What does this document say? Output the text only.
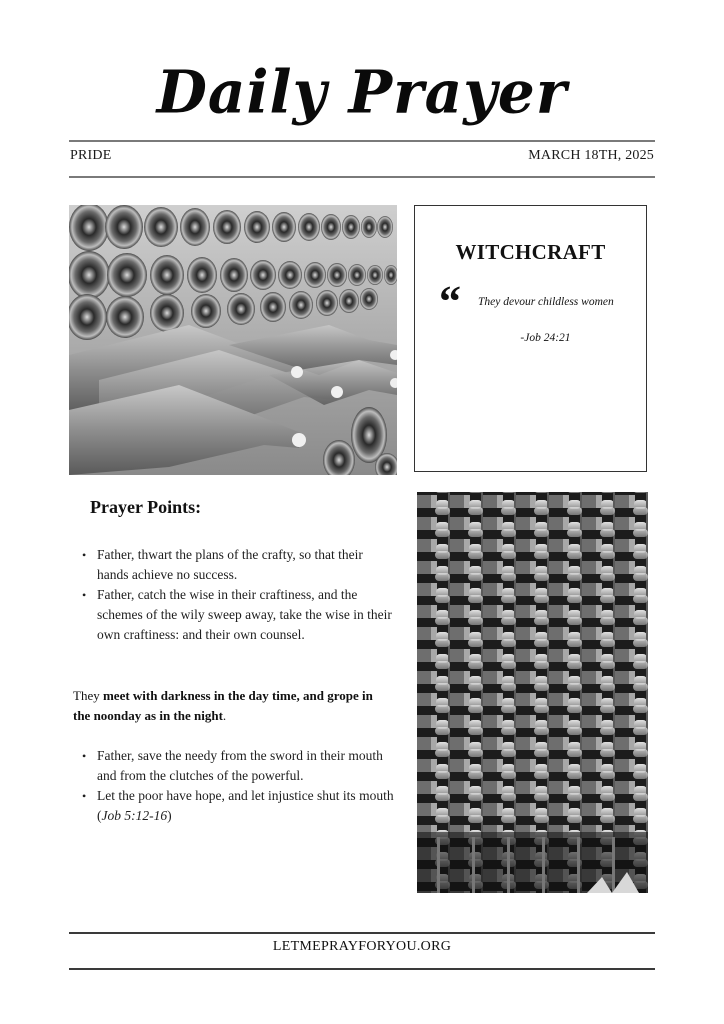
Daily Prayer
PRIDE	MARCH 18TH, 2025
WITCHCRAFT
“ They devour childless women
-Job 24:21
Prayer Points:
• Father, thwart the plans of the crafty, so that their hands achieve no success.
• Father, catch the wise in their craftiness, and the schemes of the wily sweep away, take the wise in their own craftiness: and their own counsel.
They meet with darkness in the day time, and grope in the noonday as in the night.
• Father, save the needy from the sword in their mouth and from the clutches of the powerful.
• Let the poor have hope, and let injustice shut its mouth
(Job 5:12-16)
LETMEPRAYFORYOU.ORG
